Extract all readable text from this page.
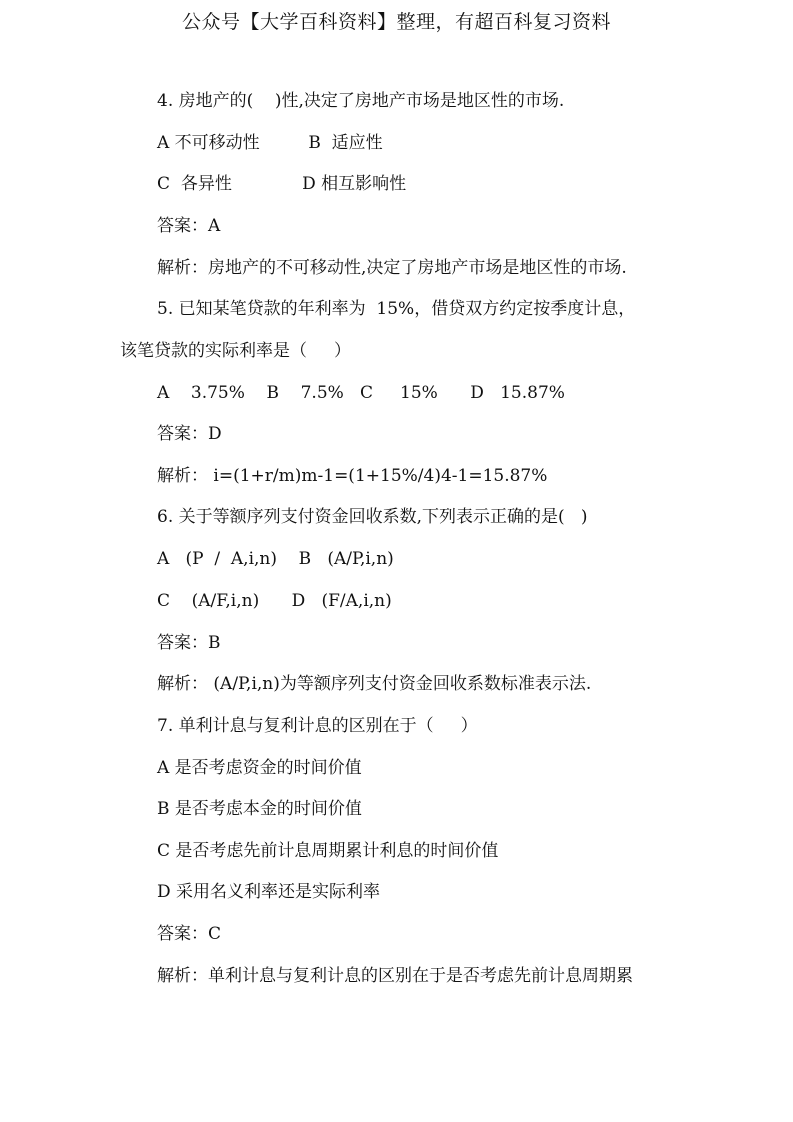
公众号【大学百科资料】整理，有超百科复习资料
4. 房地产的(    )性,决定了房地产市场是地区性的市场.
A 不可移动性         B  适应性
C  各异性             D 相互影响性
答案：A
解析：房地产的不可移动性,决定了房地产市场是地区性的市场.
5. 已知某笔贷款的年利率为  15%，借贷双方约定按季度计息，
该笔贷款的实际利率是（     ）
A    3.75%    B    7.5%   C     15%      D   15.87%
答案：D
解析： i=(1+r/m)m-1=(1+15%/4)4-1=15.87%
6. 关于等额序列支付资金回收系数,下列表示正确的是(   )
A   (P  /  A,i,n)    B   (A/P,i,n)
C    (A/F,i,n)      D   (F/A,i,n)
答案：B
解析： (A/P,i,n)为等额序列支付资金回收系数标准表示法.
7. 单利计息与复利计息的区别在于（     ）
A 是否考虑资金的时间价值
B 是否考虑本金的时间价值
C 是否考虑先前计息周期累计利息的时间价值
D 采用名义利率还是实际利率
答案：C
解析：单利计息与复利计息的区别在于是否考虑先前计息周期累
